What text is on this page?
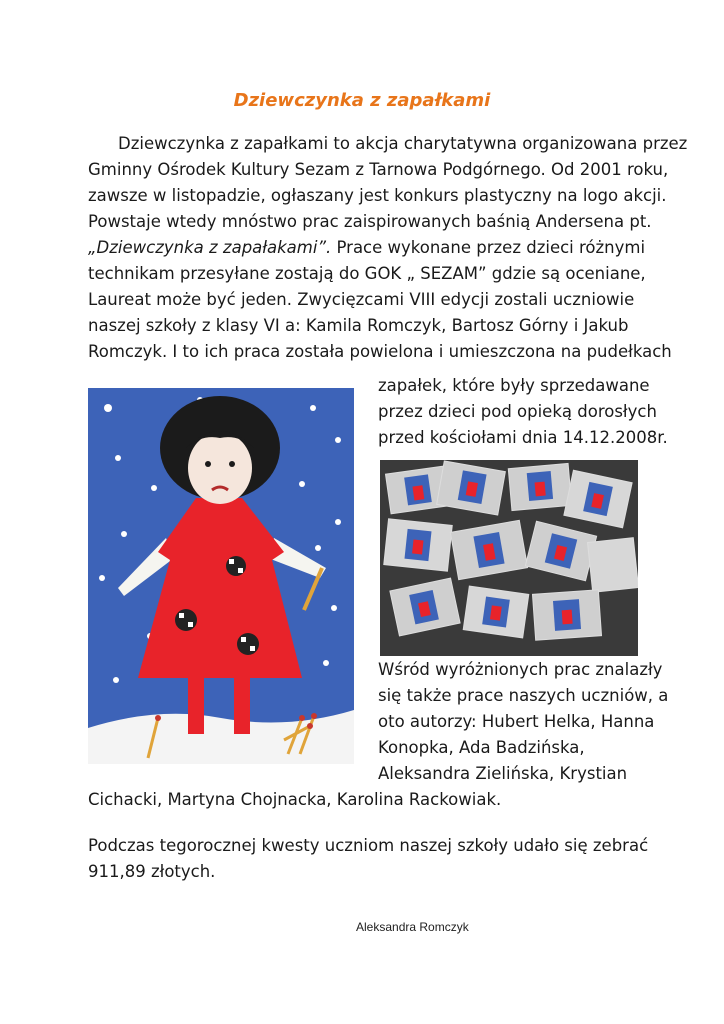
Dziewczynka z zapałkami
Dziewczynka z zapałkami to akcja charytatywna organizowana przez
Gminny Ośrodek Kultury Sezam z Tarnowa Podgórnego. Od 2001 roku,
zawsze w listopadzie, ogłaszany jest konkurs plastyczny na logo akcji.
Powstaje wtedy mnóstwo prac zaispirowanych baśnią Andersena pt.
„Dziewczynka z zapałakami”. Prace wykonane przez dzieci różnymi
technikam przesyłane zostają do GOK „ SEZAM” gdzie są oceniane,
Laureat może być jeden. Zwycięzcami VIII edycji zostali uczniowie
naszej szkoły z klasy VI a: Kamila Romczyk, Bartosz Górny i Jakub
Romczyk. I to ich praca została powielona i umieszczona na pudełkach
zapałek, które były sprzedawane
przez dzieci pod opieką dorosłych
przed kościołami dnia 14.12.2008r.
Wśród wyróżnionych prac znalazły
się także prace naszych uczniów, a
oto autorzy: Hubert Helka, Hanna
Konopka, Ada Badzińska,
Aleksandra Zielińska, Krystian
Cichacki, Martyna Chojnacka, Karolina Rackowiak.
Podczas tegorocznej kwesty uczniom naszej szkoły udało się zebrać
911,89 złotych.
Aleksandra Romczyk
